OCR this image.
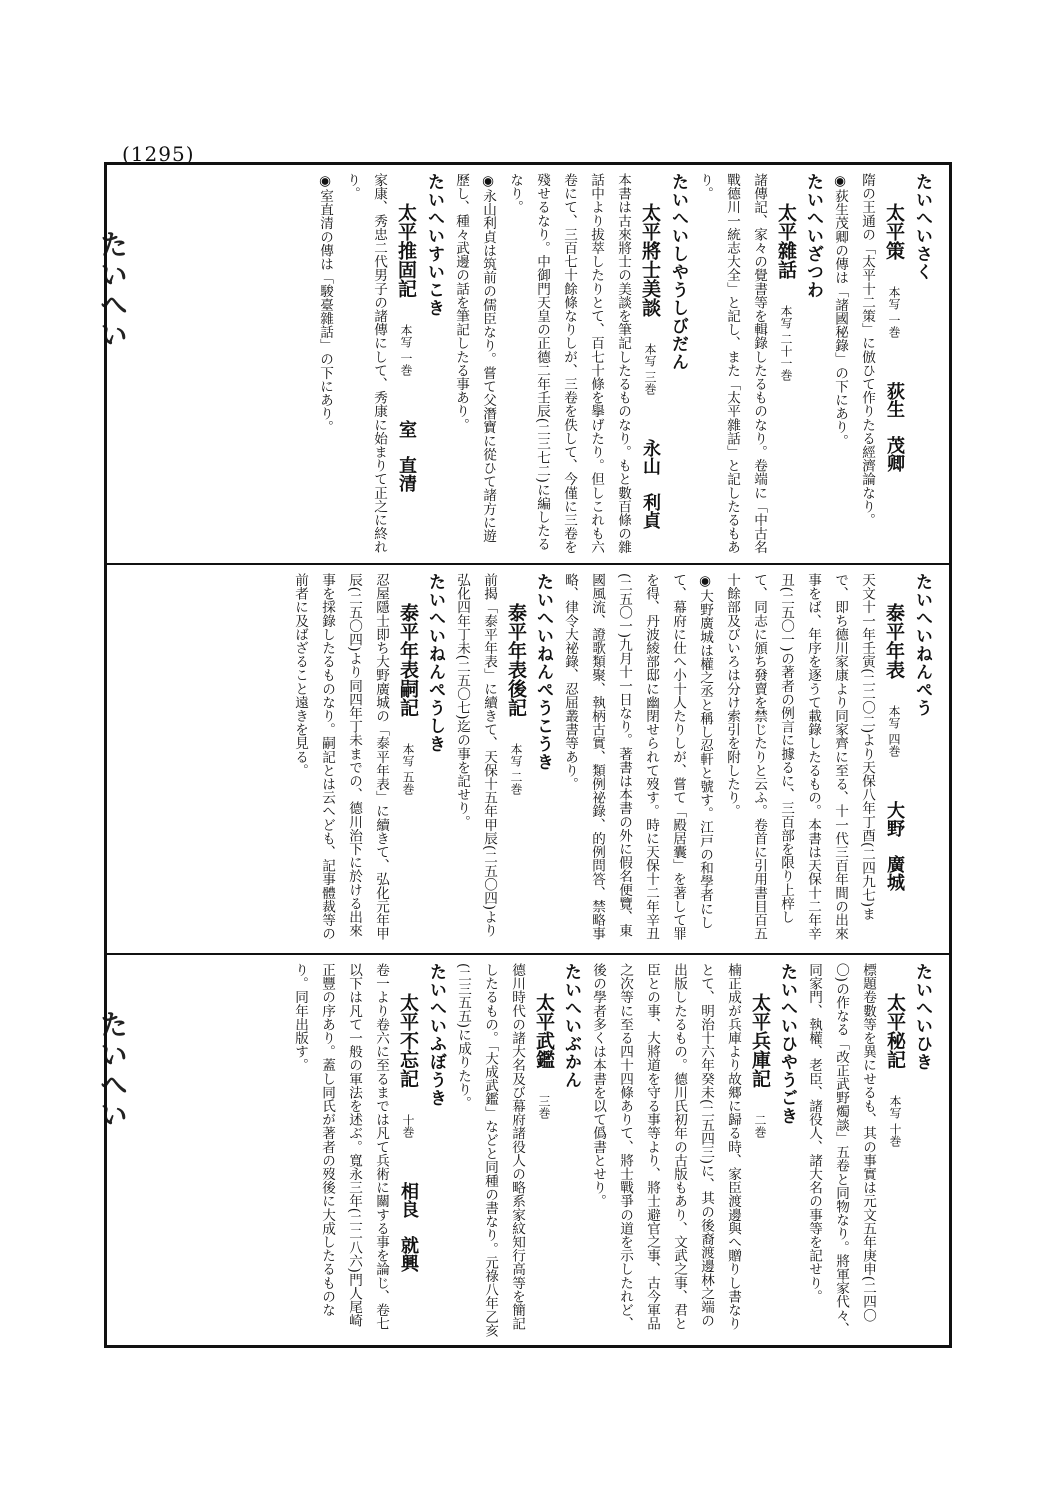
(1295)
たいへい
たいへい

たいへいさく

太平策　本写 一巻　荻生　茂卿

隋の王通の「太平十二策」に倣ひて作りたる經濟論なり。

◉荻生茂卿の傳は「諸國秘錄」の下にあり。

たいへいざつわ

太平雜話　本写 二十一巻

諸傳記、家々の覺書等を輯錄したるものなり。卷端に「中古名戰德川一統志大全」と記し、また「太平雜話」と記したるもあり。

たいへいしやうしびだん

太平將士美談　本写 三巻　永山　利貞

本書は古來將士の美談を筆記したるものなり。もと數百條の雜話中より拔萃したりとて、百七十條を擧げたり。但しこれも六卷にて、三百七十餘條なりしが、三卷を佚して、今僅に三卷を殘せるなり。中御門天皇の正德二年壬辰(二三七二)に編したるなり。

◉永山利貞は筑前の儒臣なり。嘗て父潛寶に從ひて諸方に遊歷し、種々武邊の話を筆記したる事あり。

たいへいすいこき

太平推固記　本写 一巻　室　直清

家康、秀忠二代男子の諸傳にして、秀康に始まりて正之に終れり。

◉室直清の傳は「駿臺雜話」の下にあり。

たいへいねんぺう

泰平年表　本写 四巻　大野　廣城

天文十一年壬寅(二二〇二)より天保八年丁酉(二四九七)まで、即ち德川家康より同家齊に至る、十一代三百年間の出來事をば、年序を逐うて載錄したるもの。本書は天保十二年辛丑(二五〇一)の著者の例言に據るに、三百部を限り上梓して、同志に頒ち發賣を禁じたりと云ふ。卷首に引用書目百五十餘部及びいろは分け索引を附したり。

◉大野廣城は權之丞と稱し忍軒と號す。江戸の和學者にして、幕府に仕へ小十人たりしが、嘗て「殿居囊」を著して罪を得、丹波綾部邸に幽閉せられて歿す。時に天保十二年辛丑(二五〇一)九月十一日なり。著書は本書の外に假名便覽、東國風流、證歌類聚、執柄古實、類例祕錄、的例問答、禁略事略、律令大祕錄、忍屈叢書等あり。

たいへいねんぺうこうき

泰平年表後記　本写 二巻

前揭「泰平年表」に續きて、天保十五年甲辰(二五〇四)より弘化四年丁未(二五〇七)迄の事を記せり。

たいへいねんぺうしき

泰平年表嗣記　本写 五巻

忍屋隱士即ち大野廣城の「泰平年表」に續きて、弘化元年甲辰(二五〇四)より同四年丁未までの、德川治下に於ける出來事を採錄したるものなり。嗣記とは云へども、記事體裁等の前者に及ばざること遠きを見る。

たいへいひき

太平秘記　本写 十巻

標題卷數等を異にせるも、其の事實は元文五年庚申(二四〇〇)の作なる「改正武野燭談」五卷と同物なり。將軍家代々、同家門、執權、老臣、諸役人、諸大名の事等を記せり。

たいへいひやうごき

太平兵庫記　二巻

楠正成が兵庫より故郷に歸る時、家臣渡邊與へ贈りし書なりとて、明治十六年癸未(二五四三)に、其の後裔渡邊林之端の出版したるもの。德川氏初年の古版もあり、文武之事、君と臣との事、大將道を守る事等より、將士避官之事、古今軍品之次等に至る四十四條ありて、將士戰爭の道を示したれど、後の學者多くは本書を以て僞書とせり。

たいへいぶかん

太平武鑑　三巻

德川時代の諸大名及び幕府諸役人の略系家紋知行高等を簡記したるもの。「大成武鑑」などと同種の書なり。元祿八年乙亥(二三五五)に成りたり。

たいへいふぼうき

太平不忘記　十巻　相良　就興

卷一より卷六に至るまでは凡て兵術に關する事を論じ、卷七以下は凡て一般の軍法を述ぶ。寬永三年(二二八六)門人尾崎正豐の序あり。蓋し同氏が著者の歿後に大成したるものなり。同年出版す。
